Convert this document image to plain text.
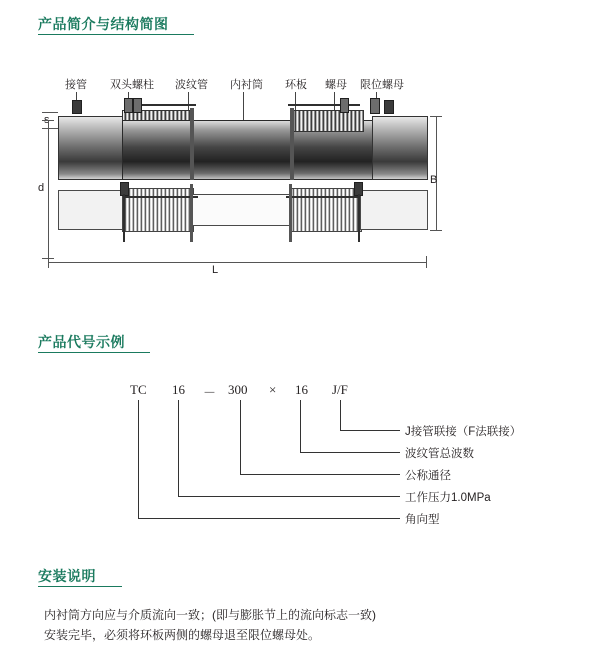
产品简介与结构简图
接管 双头螺柱 波纹管 内衬筒 环板 螺母 限位螺母
d
B
L
产品代号示例
TC 16 － 300 × 16 J/F
J接管联接（F法联接）
波纹管总波数
公称通径
工作压力1.0MPa
角向型
安装说明
内衬筒方向应与介质流向一致；(即与膨胀节上的流向标志一致)
安装完毕，必须将环板两侧的螺母退至限位螺母处。
